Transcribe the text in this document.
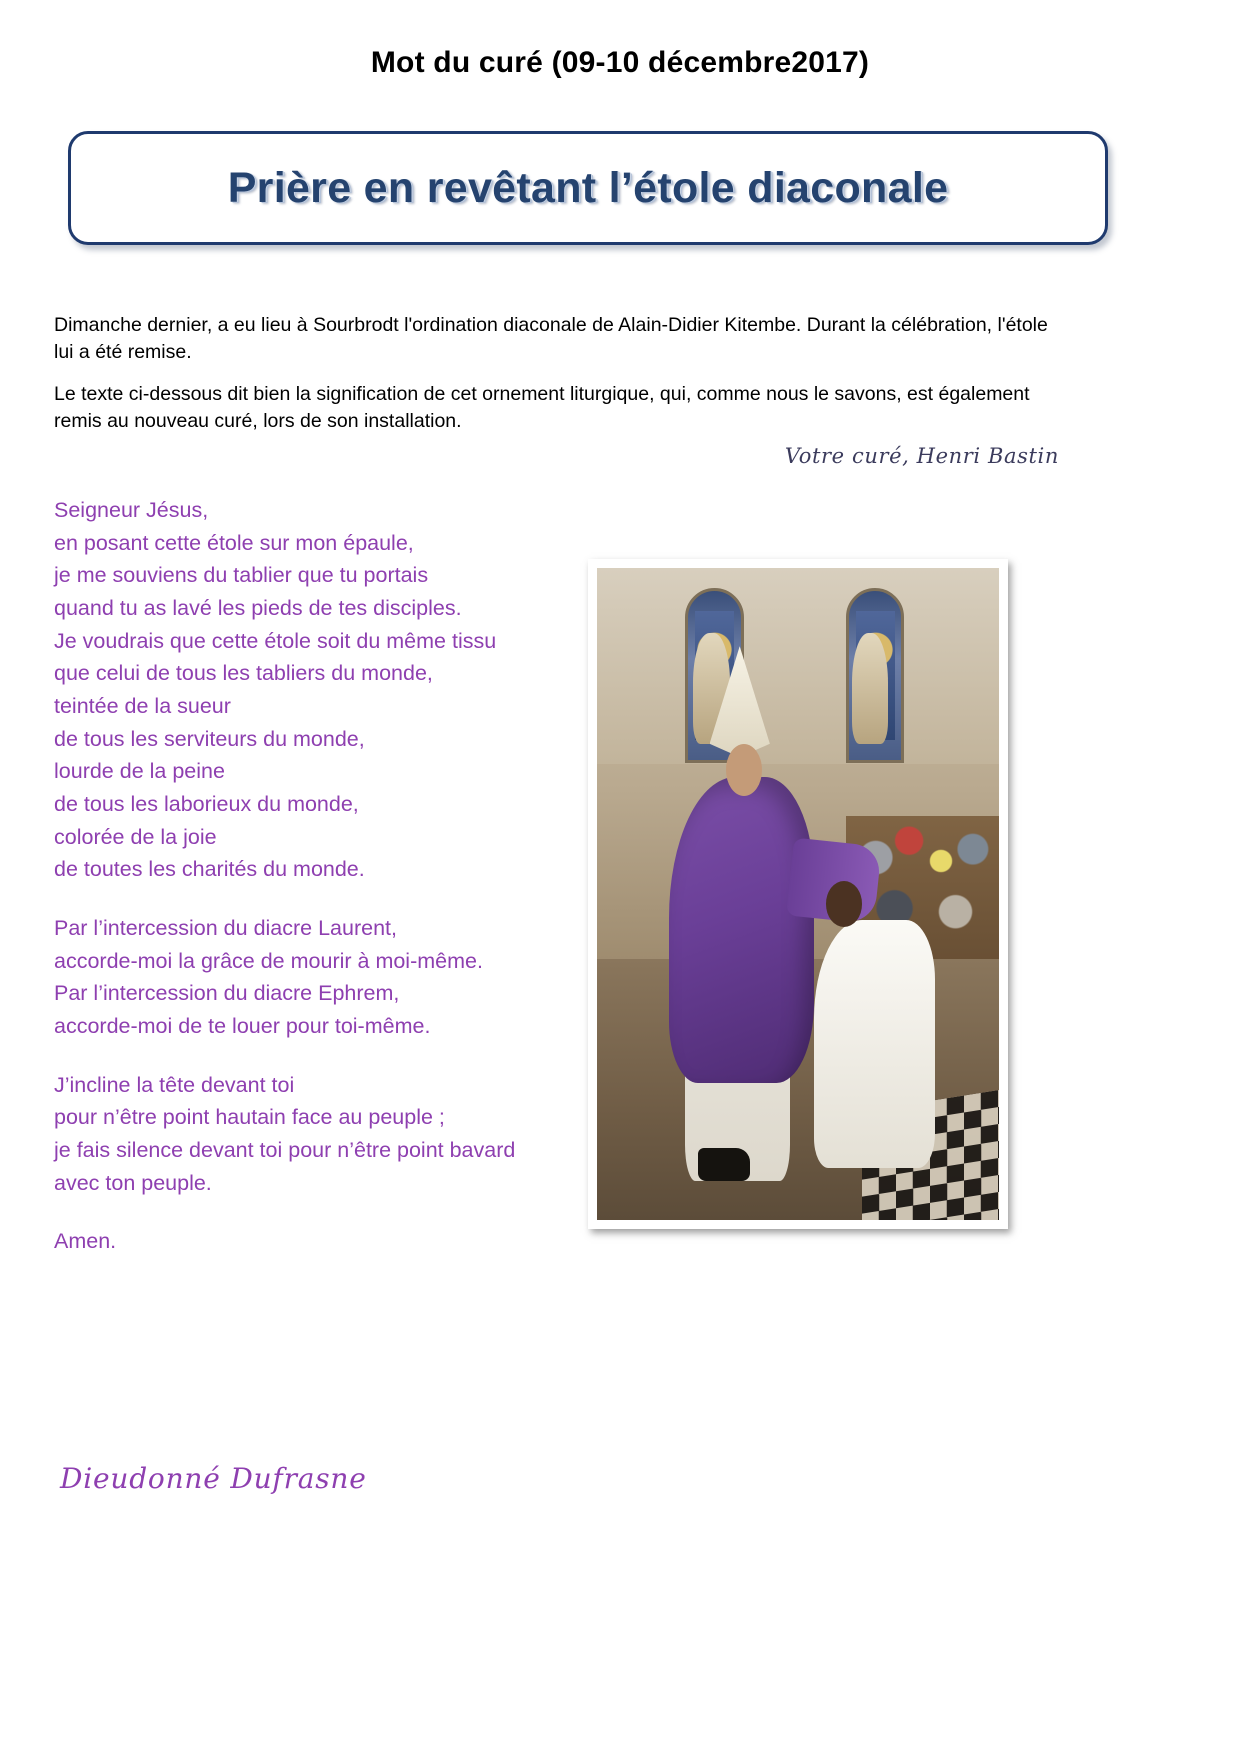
Mot du curé (09-10 décembre2017)
Prière en revêtant l’étole diaconale
Dimanche dernier, a eu lieu à Sourbrodt l'ordination diaconale de Alain-Didier Kitembe. Durant la célébration, l'étole lui a été remise.
Le texte ci-dessous dit bien la signification de cet ornement liturgique, qui, comme nous le savons, est également remis au nouveau curé, lors de son installation.
Votre curé, Henri Bastin
Seigneur Jésus,
en posant cette étole sur mon épaule,
je me souviens du tablier que tu portais
quand tu as lavé les pieds de tes disciples.
Je voudrais que cette étole soit du même tissu
que celui de tous les tabliers du monde,
teintée de la sueur
de tous les serviteurs du monde,
lourde de la peine
de tous les laborieux du monde,
colorée de la joie
de toutes les charités du monde.
Par l’intercession du diacre Laurent,
accorde-moi la grâce de mourir à moi-même.
Par l’intercession du diacre Ephrem,
accorde-moi de te louer pour toi-même.
J’incline la tête devant toi
pour n’être point hautain face au peuple ;
je fais silence devant toi pour n’être point bavard
avec ton peuple.
Amen.
Dieudonné Dufrasne
